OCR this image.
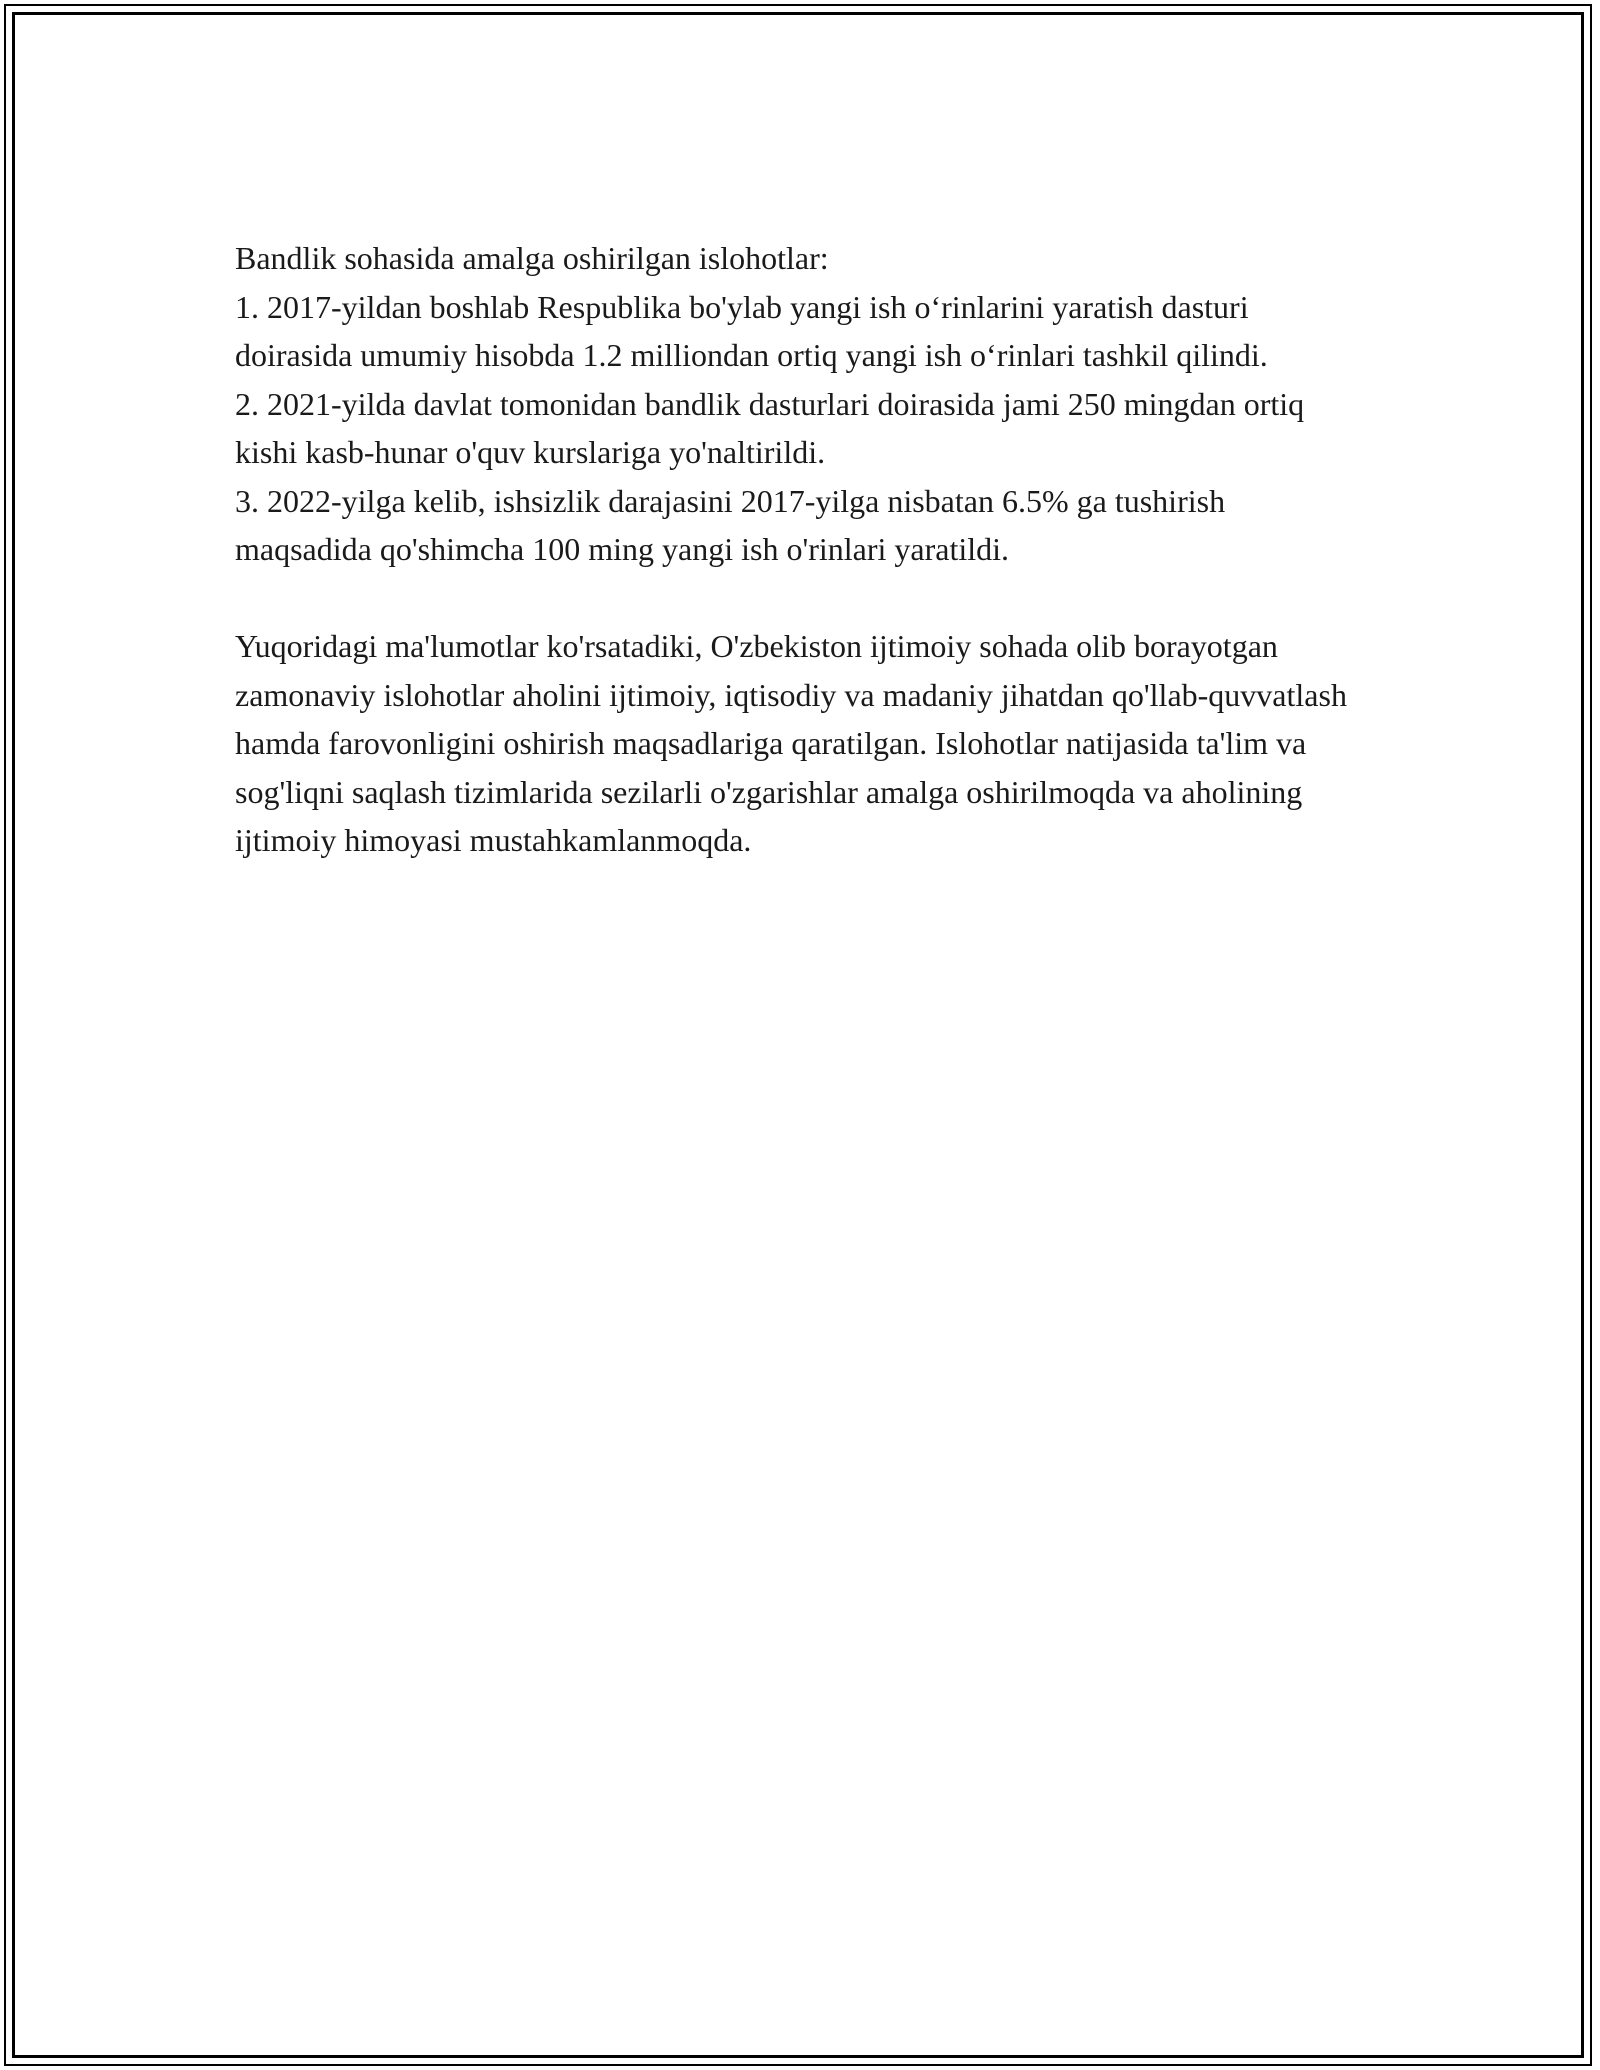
Bandlik sohasida amalga oshirilgan islohotlar:

1. 2017-yildan boshlab Respublika bo'ylab yangi ish o‘rinlarini yaratish dasturi doirasida umumiy hisobda 1.2 milliondan ortiq yangi ish o‘rinlari tashkil qilindi.

2. 2021-yilda davlat tomonidan bandlik dasturlari doirasida jami 250 mingdan ortiq kishi kasb-hunar o'quv kurslariga yo'naltirildi.

3. 2022-yilga kelib, ishsizlik darajasini 2017-yilga nisbatan 6.5% ga tushirish maqsadida qo'shimcha 100 ming yangi ish o'rinlari yaratildi.

Yuqoridagi ma'lumotlar ko'rsatadiki, O'zbekiston ijtimoiy sohada olib borayotgan zamonaviy islohotlar aholini ijtimoiy, iqtisodiy va madaniy jihatdan qo'llab-quvvatlash hamda farovonligini oshirish maqsadlariga qaratilgan. Islohotlar natijasida ta'lim va sog'liqni saqlash tizimlarida sezilarli o'zgarishlar amalga oshirilmoqda va aholining ijtimoiy himoyasi mustahkamlanmoqda.
